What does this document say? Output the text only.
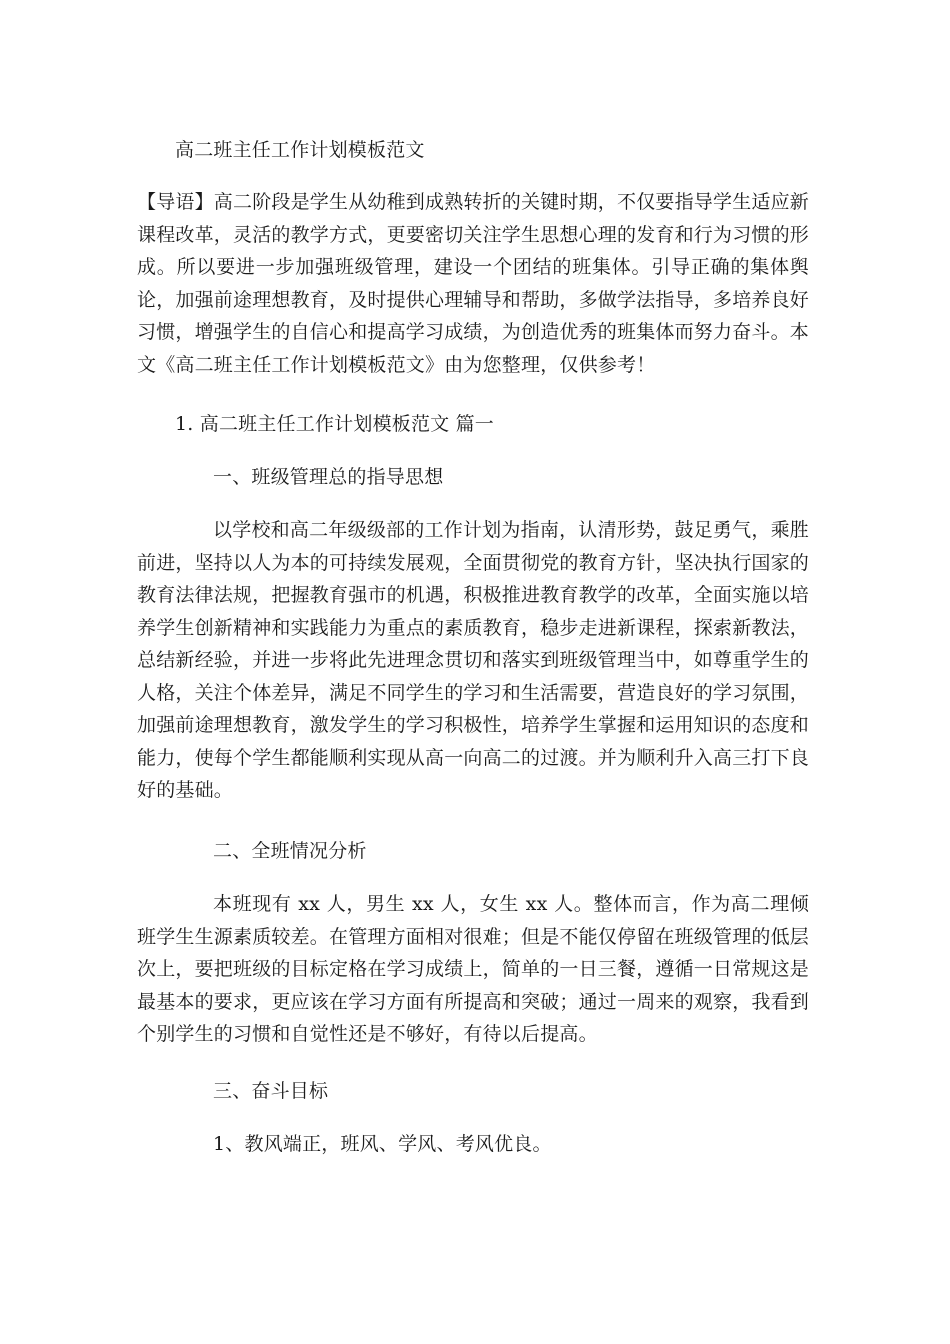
高二班主任工作计划模板范文

【导语】高二阶段是学生从幼稚到成熟转折的关键时期，不仅要指导学生适应新课程改革，灵活的教学方式，更要密切关注学生思想心理的发育和行为习惯的形成。所以要进一步加强班级管理，建设一个团结的班集体。引导正确的集体舆论，加强前途理想教育，及时提供心理辅导和帮助，多做学法指导，多培养良好习惯，增强学生的自信心和提高学习成绩，为创造优秀的班集体而努力奋斗。本文《高二班主任工作计划模板范文》由为您整理，仅供参考！

1. 高二班主任工作计划模板范文 篇一
一、班级管理总的指导思想

以学校和高二年级级部的工作计划为指南，认清形势，鼓足勇气，乘胜前进，坚持以人为本的可持续发展观，全面贯彻党的教育方针，坚决执行国家的教育法律法规，把握教育强市的机遇，积极推进教育教学的改革，全面实施以培养学生创新精神和实践能力为重点的素质教育，稳步走进新课程，探索新教法，总结新经验，并进一步将此先进理念贯切和落实到班级管理当中，如尊重学生的人格，关注个体差异，满足不同学生的学习和生活需要，营造良好的学习氛围，加强前途理想教育，激发学生的学习积极性，培养学生掌握和运用知识的态度和能力，使每个学生都能顺利实现从高一向高二的过渡。并为顺利升入高三打下良好的基础。

二、全班情况分析

本班现有 xx 人，男生 xx 人，女生 xx 人。整体而言，作为高二理倾班学生生源素质较差。在管理方面相对很难；但是不能仅停留在班级管理的低层次上，要把班级的目标定格在学习成绩上，简单的一日三餐，遵循一日常规这是最基本的要求，更应该在学习方面有所提高和突破；通过一周来的观察，我看到个别学生的习惯和自觉性还是不够好，有待以后提高。

三、奋斗目标
1、教风端正，班风、学风、考风优良。
